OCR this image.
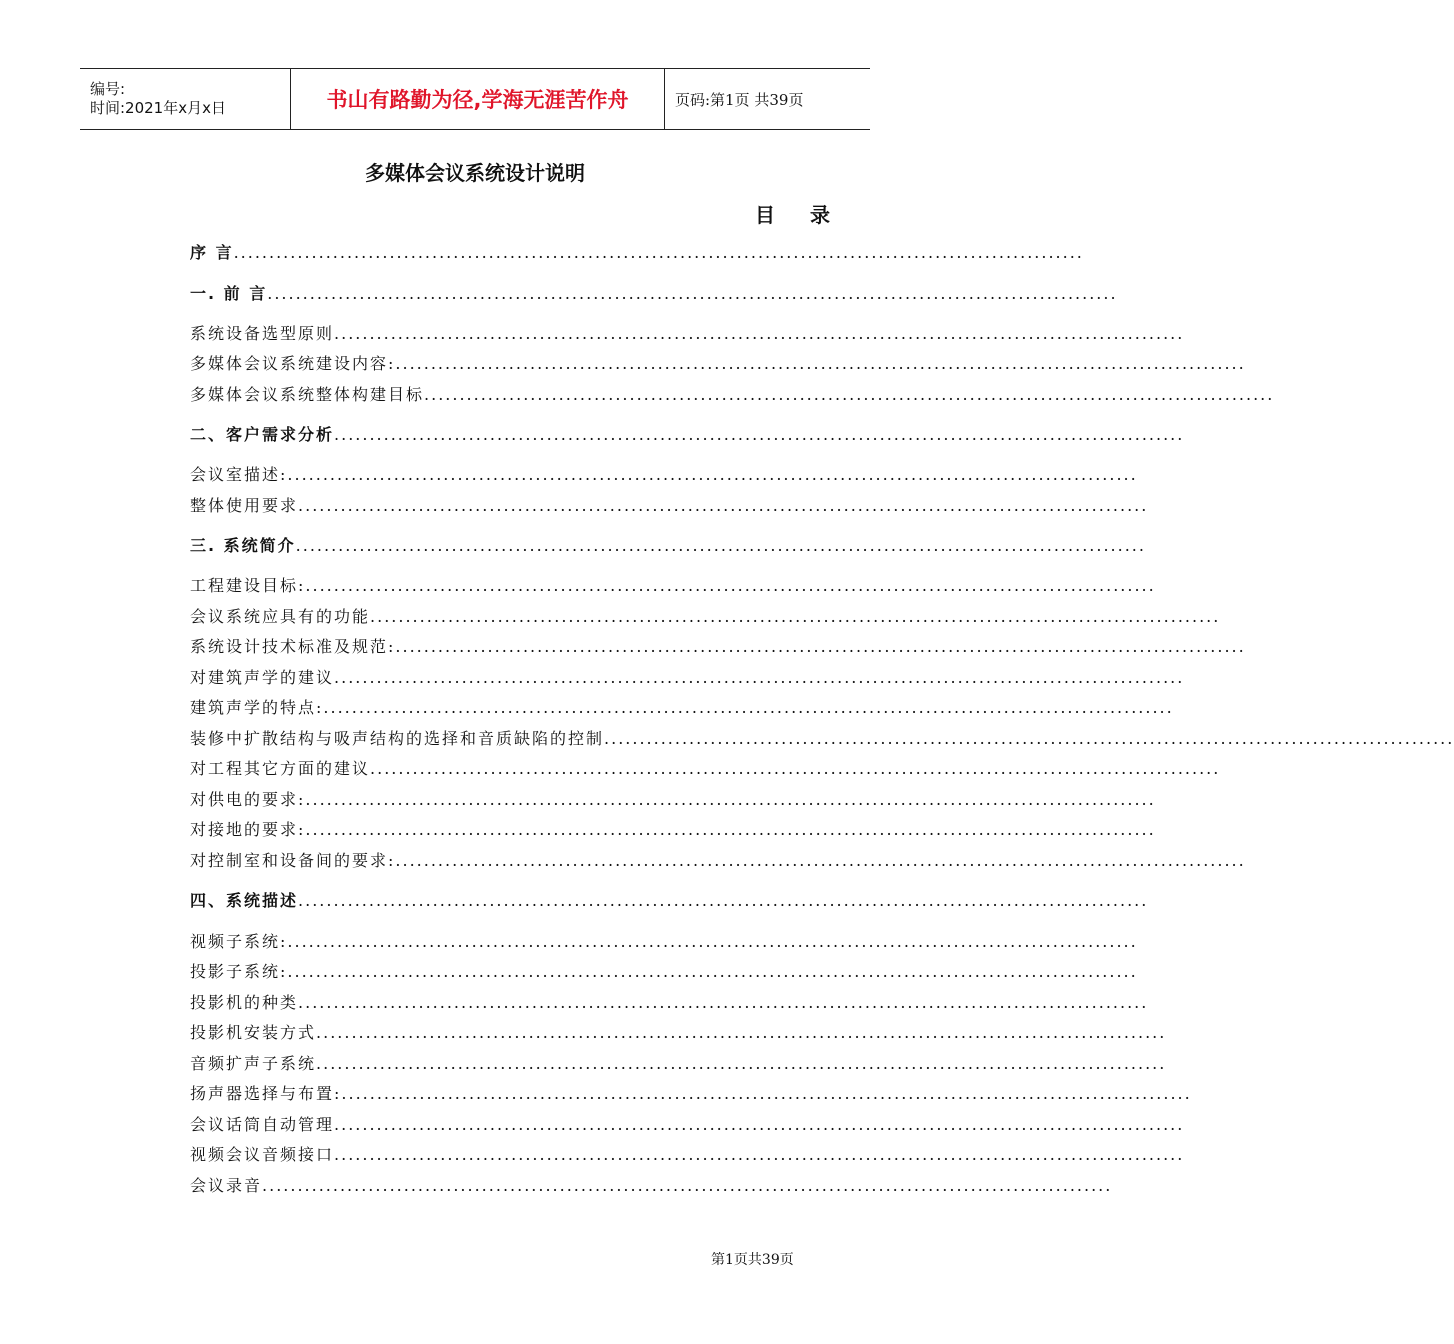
编号:
时间:2021年x月x日	书山有路勤为径,学海无涯苦作舟	页码:第1页 共39页
多媒体会议系统设计说明
目 录
序 言........................................................................................................................
一. 前 言........................................................................................................................
系统设备选型原则........................................................................................................................
多媒体会议系统建设内容:........................................................................................................................
多媒体会议系统整体构建目标........................................................................................................................
二、客户需求分析........................................................................................................................
会议室描述:........................................................................................................................
整体使用要求........................................................................................................................
三. 系统简介........................................................................................................................
工程建设目标:........................................................................................................................
会议系统应具有的功能........................................................................................................................
系统设计技术标准及规范:........................................................................................................................
对建筑声学的建议........................................................................................................................
建筑声学的特点:........................................................................................................................
装修中扩散结构与吸声结构的选择和音质缺陷的控制........................................................................................................................
对工程其它方面的建议........................................................................................................................
对供电的要求:........................................................................................................................
对接地的要求:........................................................................................................................
对控制室和设备间的要求:........................................................................................................................
四、系统描述........................................................................................................................
视频子系统:........................................................................................................................
投影子系统:........................................................................................................................
投影机的种类........................................................................................................................
投影机安装方式........................................................................................................................
音频扩声子系统........................................................................................................................
扬声器选择与布置:........................................................................................................................
会议话筒自动管理........................................................................................................................
视频会议音频接口........................................................................................................................
会议录音........................................................................................................................
第1页共39页
